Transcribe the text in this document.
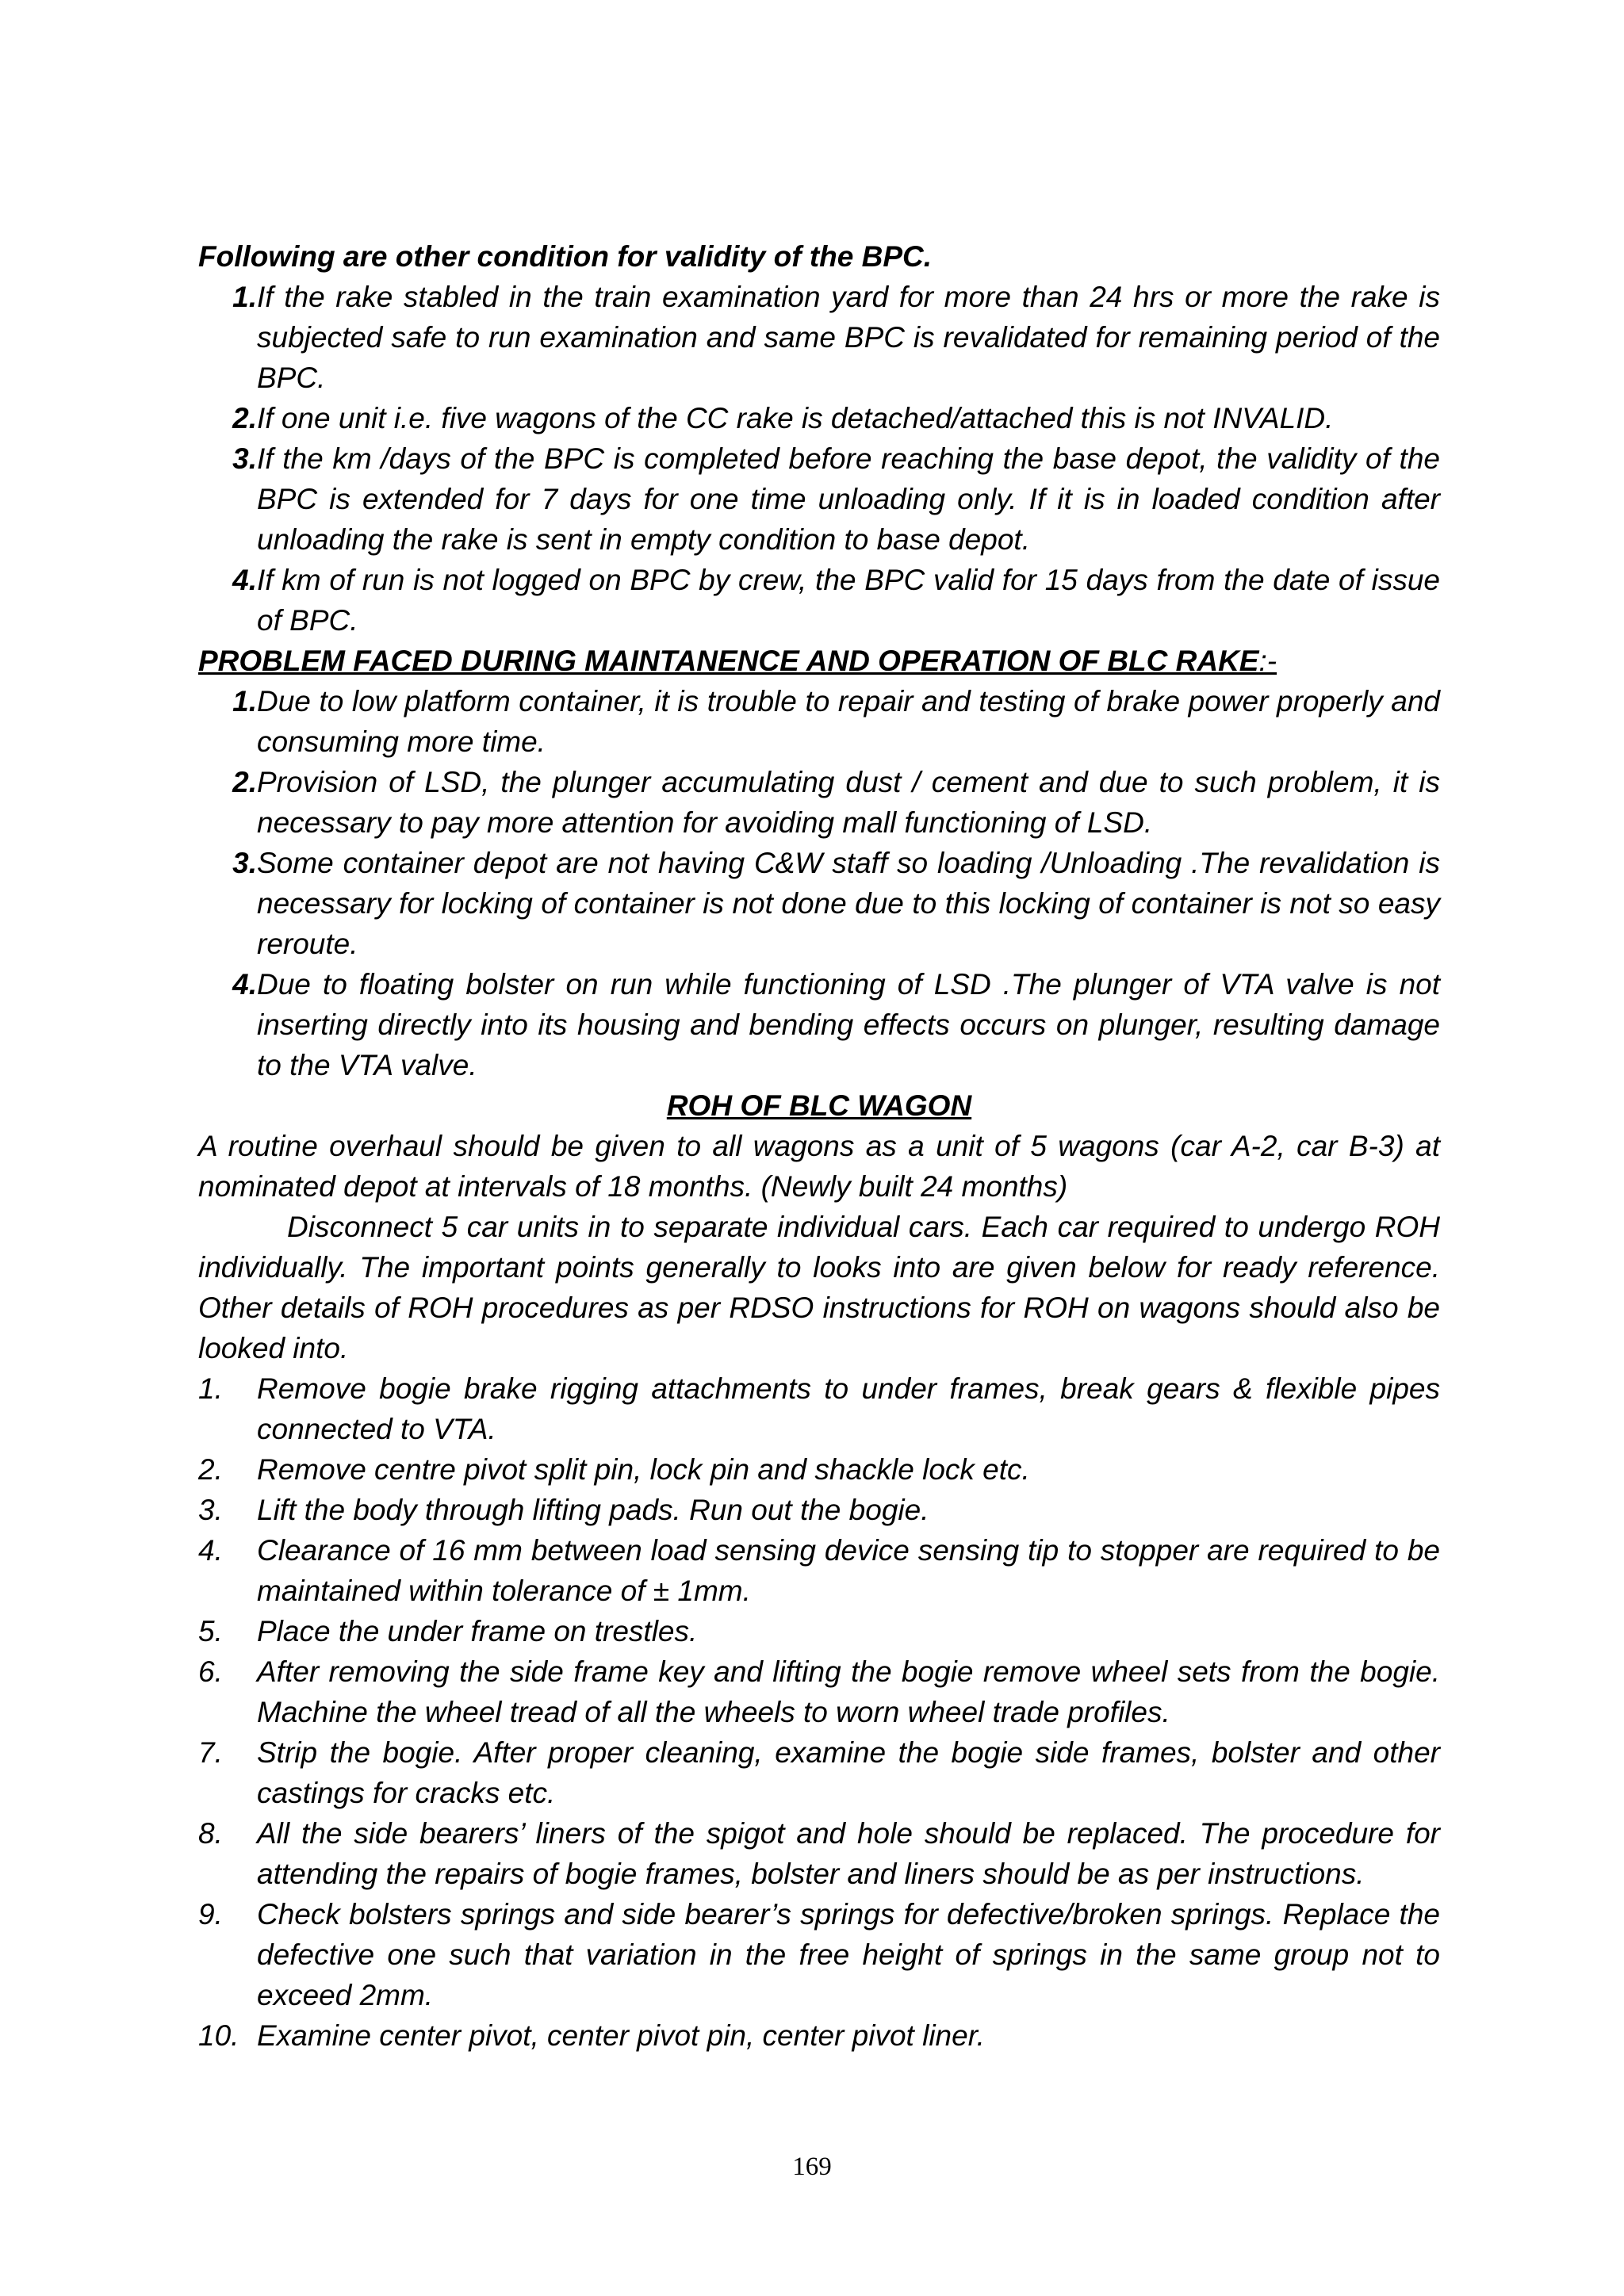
Following are other condition for validity of the BPC.

1. If the rake stabled in the train examination yard for more than 24 hrs or more the rake is subjected safe to run examination and same BPC is revalidated for remaining period of the BPC.
2. If one unit i.e. five wagons of the CC rake is detached/attached this is not INVALID.
3. If the km /days of the BPC is completed before reaching the base depot, the validity of the BPC is extended for 7 days for one time unloading only. If it is in loaded condition after unloading the rake is sent in empty condition to base depot.
4. If km of run is not logged on BPC by crew, the BPC valid for 15 days from the date of issue of BPC.

PROBLEM FACED DURING MAINTANENCE AND OPERATION OF BLC RAKE:-

1. Due to low platform container, it is trouble to repair and testing of brake power properly and consuming more time.
2. Provision of LSD, the plunger accumulating dust / cement and due to such problem, it is necessary to pay more attention for avoiding mall functioning of LSD.
3. Some container depot are not having C&W staff so loading /Unloading .The revalidation is necessary for locking of container is not done due to this locking of container is not so easy reroute.
4. Due to floating bolster on run while functioning of LSD .The plunger of VTA valve is not inserting directly into its housing and bending effects occurs on plunger, resulting damage to the VTA valve.

ROH OF BLC WAGON

A routine overhaul should be given to all wagons as a unit of 5 wagons (car A-2, car B-3) at nominated depot at intervals of 18 months. (Newly built 24 months)

Disconnect 5 car units in to separate individual cars. Each car required to undergo ROH individually. The important points generally to looks into are given below for ready reference. Other details of ROH procedures as per RDSO instructions for ROH on wagons should also be looked into.

1.	Remove bogie brake rigging attachments to under frames, break gears & flexible pipes connected to VTA.
2.	Remove centre pivot split pin, lock pin and shackle lock etc.
3.	Lift the body through lifting pads. Run out the bogie.
4.	Clearance of 16 mm between load sensing device sensing tip to stopper are required to be maintained within tolerance of ± 1mm.
5.	Place the under frame on trestles.
6.	After removing the side frame key and lifting the bogie remove wheel sets from the bogie. Machine the wheel tread of all the wheels to worn wheel trade profiles.
7.	Strip the bogie. After proper cleaning, examine the bogie side frames, bolster and other castings for cracks etc.
8.	All the side bearers’ liners of the spigot and hole should be replaced. The procedure for attending the repairs of bogie frames, bolster and liners should be as per instructions.
9.	Check bolsters springs and side bearer’s springs for defective/broken springs. Replace the defective one such that variation in the free height of springs in the same group not to exceed 2mm.
10. Examine center pivot, center pivot pin, center pivot liner.
169
